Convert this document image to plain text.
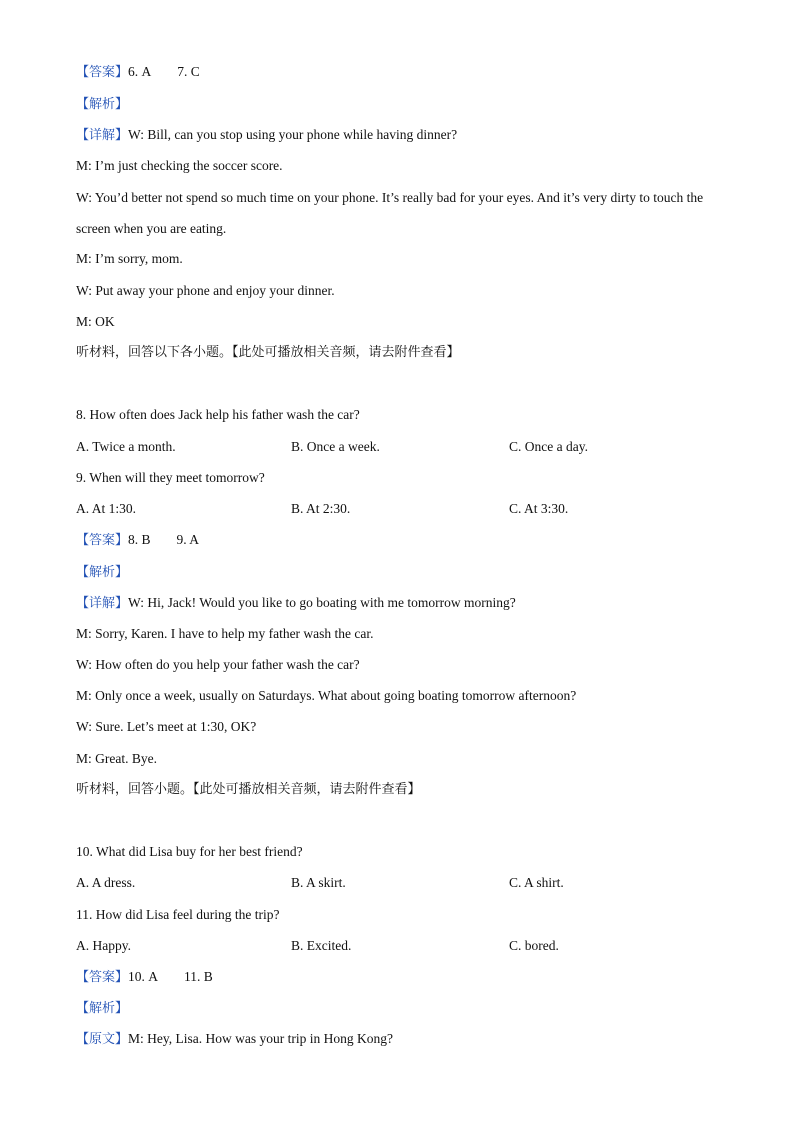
【答案】6. A 7. C
【解析】
【详解】W: Bill, can you stop using your phone while having dinner?
M: I’m just checking the soccer score.
W: You’d better not spend so much time on your phone. It’s really bad for your eyes. And it’s very dirty to touch the screen when you are eating.
M: I’m sorry, mom.
W: Put away your phone and enjoy your dinner.
M: OK
听材料，回答以下各小题。【此处可播放相关音频，请去附件查看】
8. How often does Jack help his father wash the car?
A. Twice a month.	B. Once a week.	C. Once a day.
9. When will they meet tomorrow?
A. At 1:30.	B. At 2:30.	C. At 3:30.
【答案】8. B 9. A
【解析】
【详解】W: Hi, Jack! Would you like to go boating with me tomorrow morning?
M: Sorry, Karen. I have to help my father wash the car.
W: How often do you help your father wash the car?
M: Only once a week, usually on Saturdays. What about going boating tomorrow afternoon?
W: Sure. Let’s meet at 1:30, OK?
M: Great. Bye.
听材料，回答小题。【此处可播放相关音频，请去附件查看】
10. What did Lisa buy for her best friend?
A. A dress.	B. A skirt.	C. A shirt.
11. How did Lisa feel during the trip?
A. Happy.	B. Excited.	C. bored.
【答案】10. A 11. B
【解析】
【原文】M: Hey, Lisa. How was your trip in Hong Kong?
